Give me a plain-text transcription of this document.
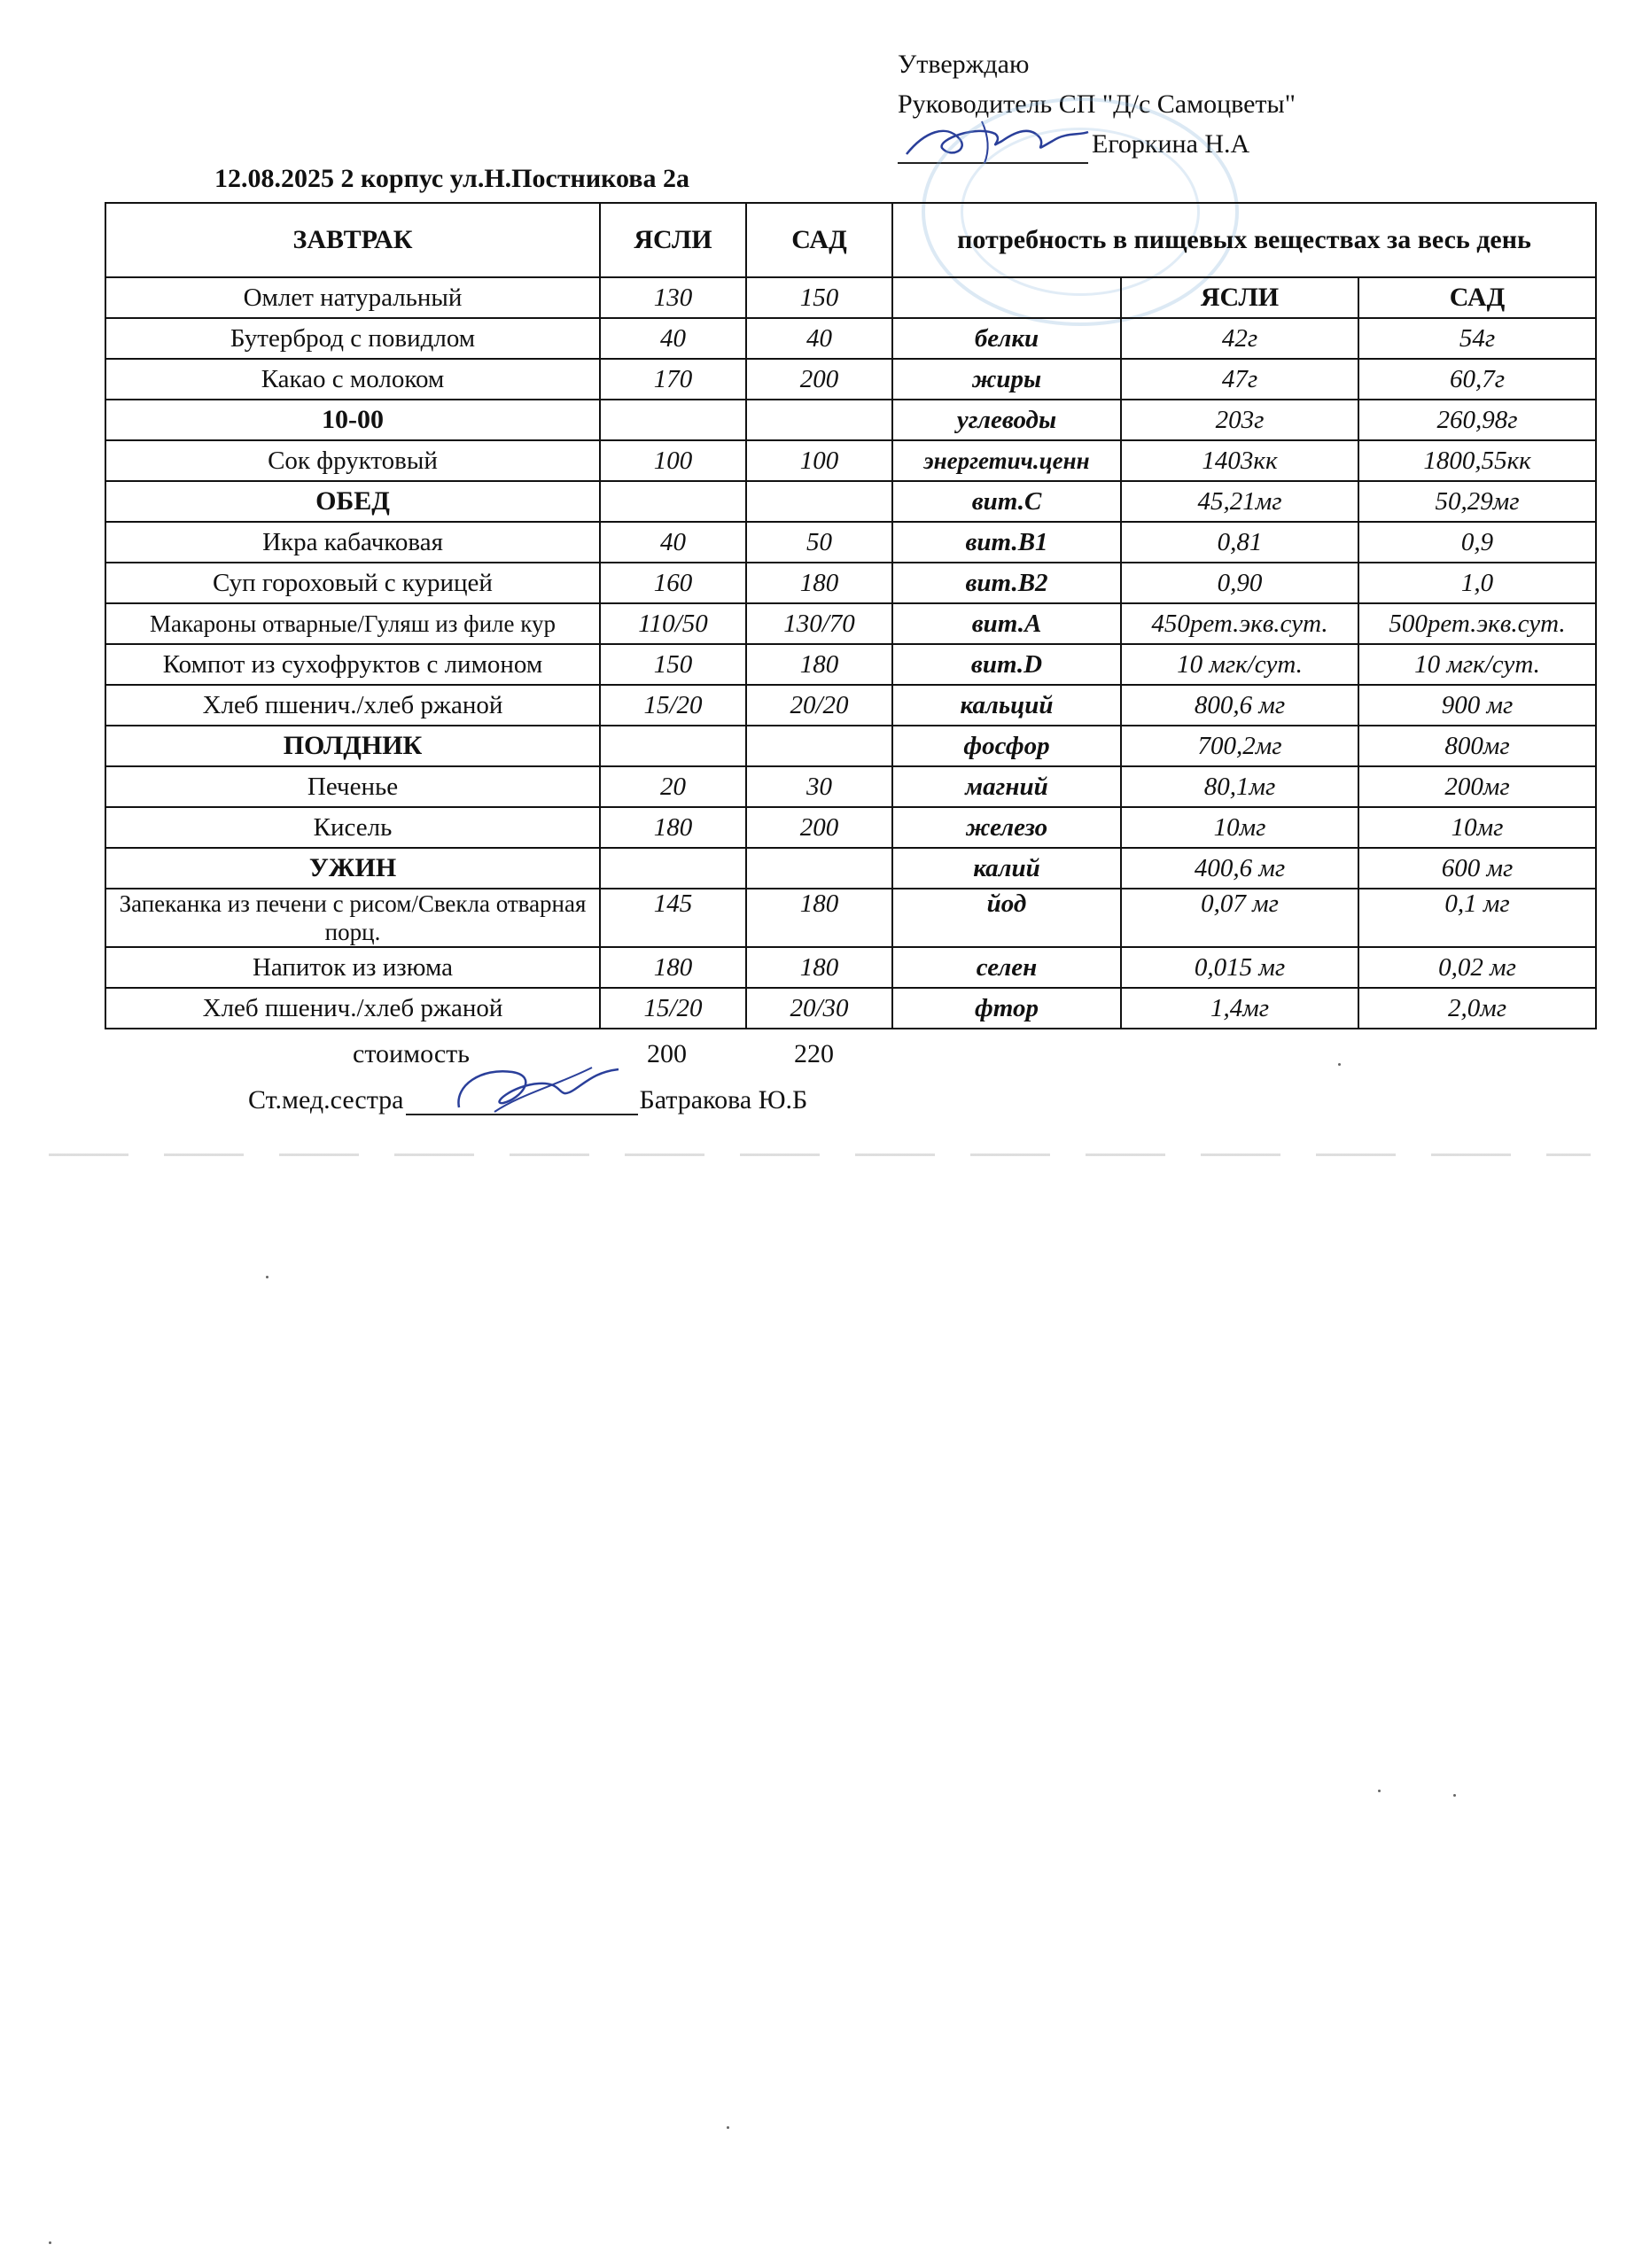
Утверждаю
Руководитель СП "Д/с Самоцветы"
Егоркина Н.А
12.08.2025 2 корпус ул.Н.Постникова 2а
ЗАВТРАК	ЯСЛИ	САД	потребность в пищевых веществах за весь день		
Омлет натуральный	130	150		ЯСЛИ	САД
Бутерброд с повидлом	40	40	белки	42г	54г
Какао с молоком	170	200	жиры	47г	60,7г
10-00			углеводы	203г	260,98г
Сок фруктовый	100	100	энергетич.ценн	1403кк	1800,55кк
ОБЕД			вит.С	45,21мг	50,29мг
Икра кабачковая	40	50	вит.В1	0,81	0,9
Суп гороховый с курицей	160	180	вит.В2	0,90	1,0
Макароны отварные/Гуляш из филе кур	110/50	130/70	вит.А	450рет.экв.сут.	500рет.экв.сут.
Компот из сухофруктов с лимоном	150	180	вит.D	10 мгк/сут.	10 мгк/сут.
Хлеб пшенич./хлеб ржаной	15/20	20/20	кальций	800,6 мг	900 мг
ПОЛДНИК			фосфор	700,2мг	800мг
Печенье	20	30	магний	80,1мг	200мг
Кисель	180	200	железо	10мг	10мг
УЖИН			калий	400,6 мг	600 мг
Запеканка из печени с рисом/Свекла отварная порц.	145	180	йод	0,07 мг	0,1 мг
Напиток из изюма	180	180	селен	0,015 мг	0,02 мг
Хлеб пшенич./хлеб ржаной	15/20	20/30	фтор	1,4мг	2,0мг
стоимость	200	220
Ст.мед.сестра	Батракова Ю.Б
